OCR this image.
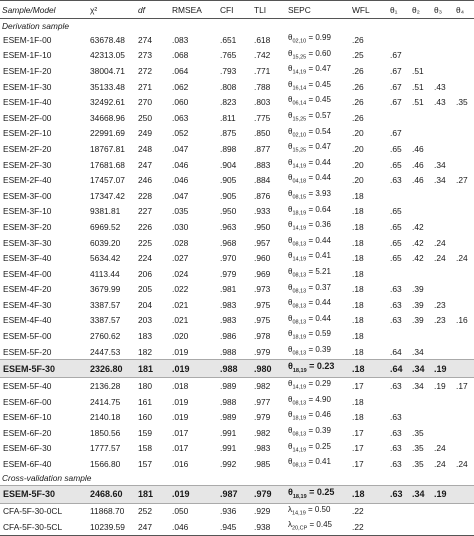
Sample/Model	χ²	df	RMSEA	CFI	TLI	SEPC	WFL	θ₁	θ₂	θ₃	θ₄
Derivation sample											
ESEM-1F-00	63678.48	274	.083	.651	.618	$\theta_{02,10} = 0.99$	.26				
ESEM-1F-10	42313.05	273	.068	.765	.742	$\theta_{15,25} = 0.60$	.25	.67			
ESEM-1F-20	38004.71	272	.064	.793	.771	$\theta_{14,19} = 0.47$	.26	.67	.51		
ESEM-1F-30	35133.48	271	.062	.808	.788	$\theta_{16,14} = 0.45$	.26	.67	.51	.43	
ESEM-1F-40	32492.61	270	.060	.823	.803	$\theta_{06,14} = 0.45$	.26	.67	.51	.43	.35
ESEM-2F-00	34668.96	250	.063	.811	.775	$\theta_{15,25} = 0.57$	.26				
ESEM-2F-10	22991.69	249	.052	.875	.850	$\theta_{02,10} = 0.54$	.20	.67			
ESEM-2F-20	18767.81	248	.047	.898	.877	$\theta_{15,25} = 0.47$	.20	.65	.46		
ESEM-2F-30	17681.68	247	.046	.904	.883	$\theta_{14,19} = 0.44$	.20	.65	.46	.34	
ESEM-2F-40	17457.07	246	.046	.905	.884	$\theta_{04,18} = 0.44$	.20	.63	.46	.34	.27
ESEM-3F-00	17347.42	228	.047	.905	.876	$\theta_{08,15} = 3.93$	.18				
ESEM-3F-10	9381.81	227	.035	.950	.933	$\theta_{18,19} = 0.64$	.18	.65			
ESEM-3F-20	6969.52	226	.030	.963	.950	$\theta_{14,19} = 0.36$	.18	.65	.42		
ESEM-3F-30	6039.20	225	.028	.968	.957	$\theta_{08,13} = 0.44$	.18	.65	.42	.24	
ESEM-3F-40	5634.42	224	.027	.970	.960	$\theta_{14,19} = 0.41$	.18	.65	.42	.24	.24
ESEM-4F-00	4113.44	206	.024	.979	.969	$\theta_{08,13} = 5.21$	.18				
ESEM-4F-20	3679.99	205	.022	.981	.973	$\theta_{08,13} = 0.37$	.18	.63	.39		
ESEM-4F-30	3387.57	204	.021	.983	.975	$\theta_{08,13} = 0.44$	.18	.63	.39	.23	
ESEM-4F-40	3387.57	203	.021	.983	.975	$\theta_{08,13} = 0.44$	.18	.63	.39	.23	.16
ESEM-5F-00	2760.62	183	.020	.986	.978	$\theta_{18,19} = 0.59$	.18				
ESEM-5F-20	2447.53	182	.019	.988	.979	$\theta_{08,13} = 0.39$	.18	.64	.34		
ESEM-5F-30	2326.80	181	.019	.988	.980	$\theta_{18,19} = 0.23$	.18	.64	.34	.19	
ESEM-5F-40	2136.28	180	.018	.989	.982	$\theta_{14,19} = 0.29$	.17	.63	.34	.19	.17
ESEM-6F-00	2414.75	161	.019	.988	.977	$\theta_{08,13} = 4.90$	.18				
ESEM-6F-10	2140.18	160	.019	.989	.979	$\theta_{18,19} = 0.46$	.18	.63			
ESEM-6F-20	1850.56	159	.017	.991	.982	$\theta_{08,13} = 0.39$	.17	.63	.35		
ESEM-6F-30	1777.57	158	.017	.991	.983	$\theta_{14,19} = 0.25$	.17	.63	.35	.24	
ESEM-6F-40	1566.80	157	.016	.992	.985	$\theta_{08,13} = 0.41$	.17	.63	.35	.24	.24
Cross-validation sample											
ESEM-5F-30	2468.60	181	.019	.987	.979	$\theta_{18,19} = 0.25$	.18	.63	.34	.19	
CFA-5F-30-0CL	11868.70	252	.050	.936	.929	$\lambda_{14,19} = 0.50$	.22				
CFA-5F-30-5CL	10239.59	247	.046	.945	.938	$\lambda_{20,CP} = 0.45$	.22				
